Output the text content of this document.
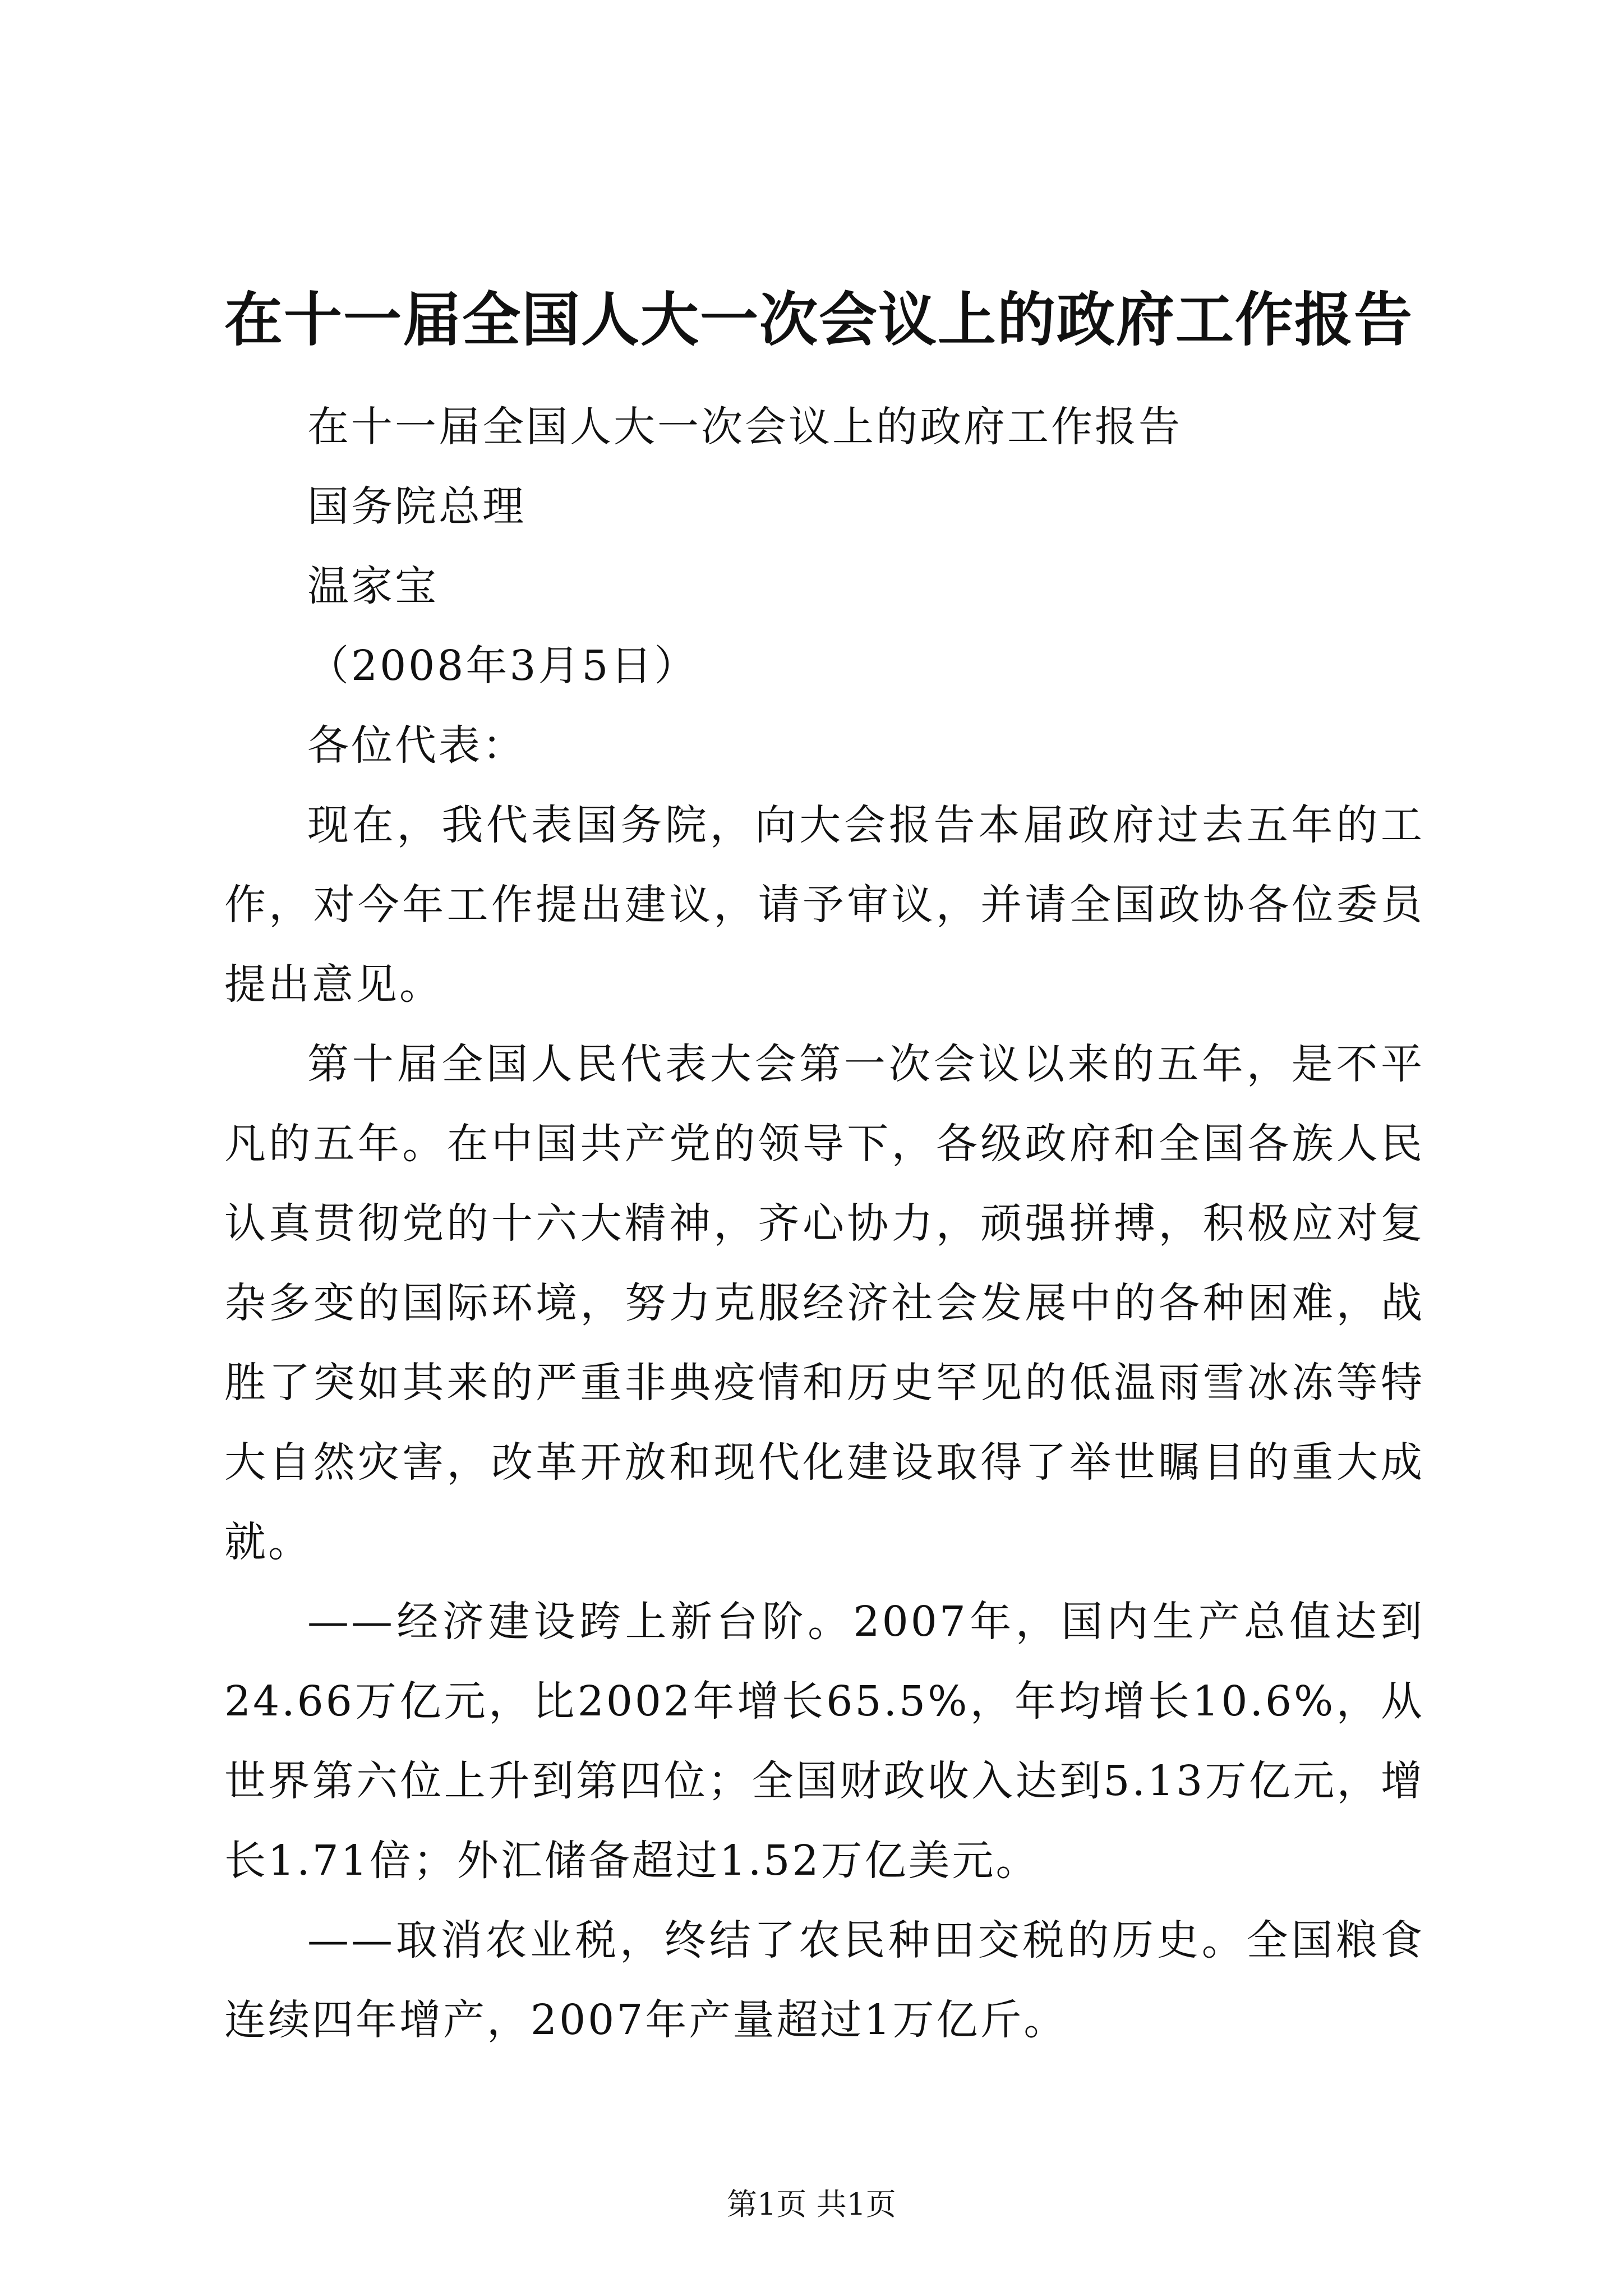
在十一届全国人大一次会议上的政府工作报告

在十一届全国人大一次会议上的政府工作报告

国务院总理

温家宝

（2008年3月5日）

各位代表：

现在，我代表国务院，向大会报告本届政府过去五年的工作，对今年工作提出建议，请予审议，并请全国政协各位委员提出意见。

第十届全国人民代表大会第一次会议以来的五年，是不平凡的五年。在中国共产党的领导下，各级政府和全国各族人民认真贯彻党的十六大精神，齐心协力，顽强拼搏，积极应对复杂多变的国际环境，努力克服经济社会发展中的各种困难，战胜了突如其来的严重非典疫情和历史罕见的低温雨雪冰冻等特大自然灾害，改革开放和现代化建设取得了举世瞩目的重大成就。

——经济建设跨上新台阶。2007年，国内生产总值达到24.66万亿元，比2002年增长65.5%，年均增长10.6%，从世界第六位上升到第四位；全国财政收入达到5.13万亿元，增长1.71倍；外汇储备超过1.52万亿美元。

——取消农业税，终结了农民种田交税的历史。全国粮食连续四年增产，2007年产量超过1万亿斤。

第1页 共1页
